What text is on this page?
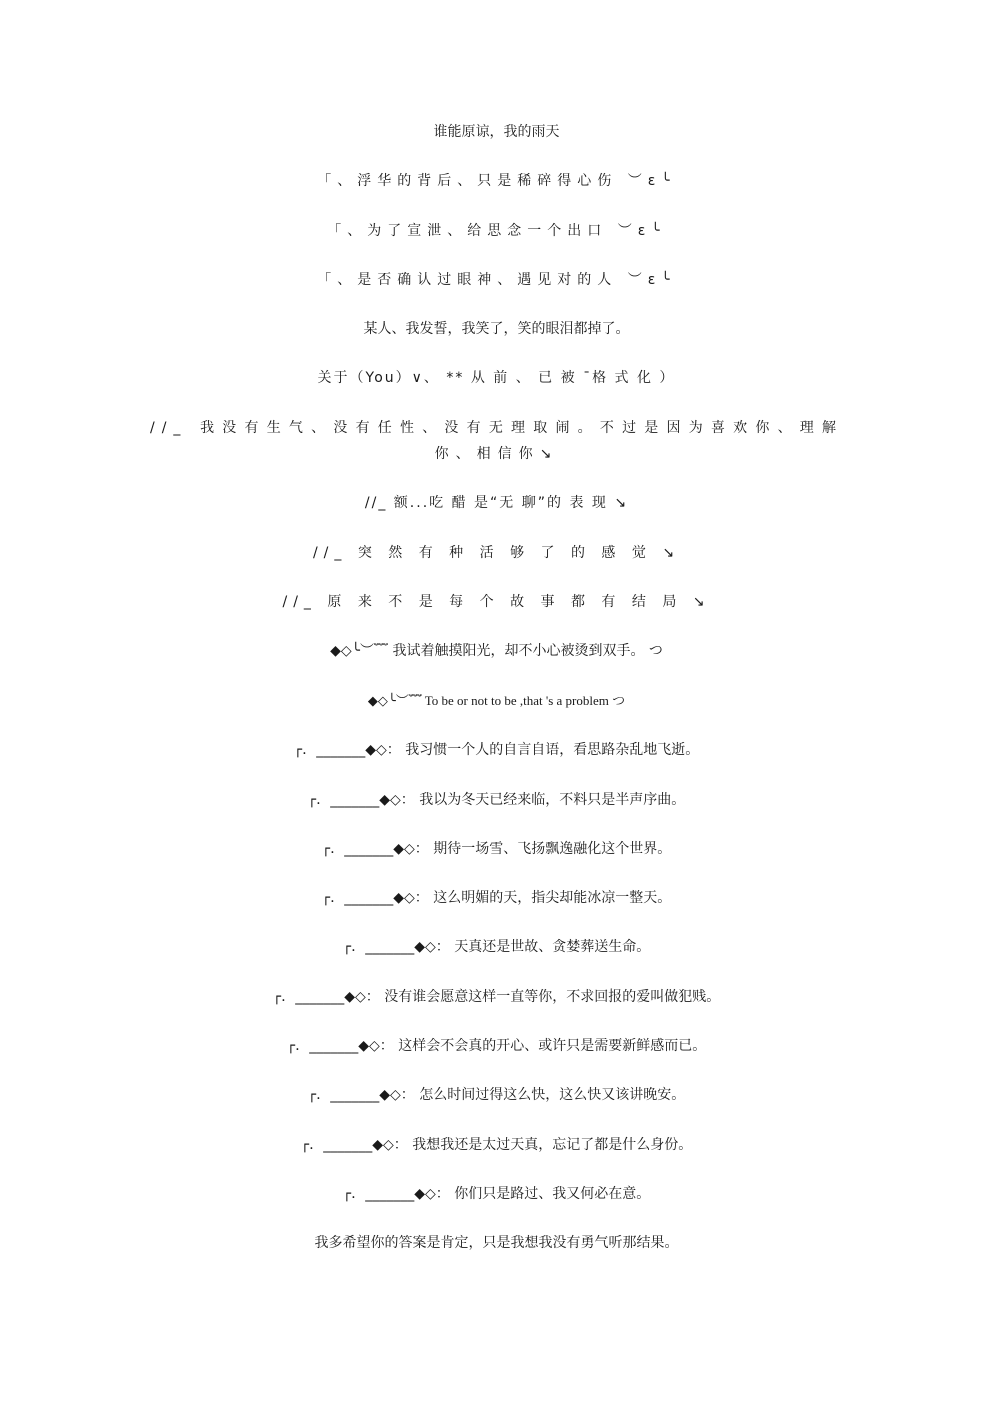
谁能原谅，我的雨天
「、浮华的背后、只是稀碎得心伤 ︶ε╰
「、为了宣泄、给思念一个出口 ︶ε╰
「、是否确认过眼神、遇见对的人 ︶ε╰
某人、我发誓，我笑了，笑的眼泪都掉了。
关于（You）∨、 ** 从 前 、 已 被 ¯格 式 化 ）
//_ 我没有生气、没有任性、没有无理取闹。不过是因为喜欢你、理解你、相信你↘
//_ 额...吃 醋 是“无 聊”的 表 现 ↘
//_ 突 然 有 种 活 够 了 的 感 觉 ↘
//_ 原 来 不 是 每 个 故 事 都 有 结 局 ↘
◆◇╰︶﹌ 我试着触摸阳光，却不小心被烫到双手。 つ
◆◇╰︶﹌ To be or not to be ,that 's a problem つ
┌．_______◆◇： 我习惯一个人的自言自语，看思路杂乱地飞逝。
┌．_______◆◇： 我以为冬天已经来临，不料只是半声序曲。
┌．_______◆◇： 期待一场雪、飞扬飘逸融化这个世界。
┌．_______◆◇： 这么明媚的天，指尖却能冰凉一整天。
┌．_______◆◇： 天真还是世故、贪婪葬送生命。
┌．_______◆◇： 没有谁会愿意这样一直等你，不求回报的爱叫做犯贱。
┌．_______◆◇： 这样会不会真的开心、或许只是需要新鲜感而已。
┌．_______◆◇： 怎么时间过得这么快，这么快又该讲晚安。
┌．_______◆◇： 我想我还是太过天真，忘记了都是什么身份。
┌．_______◆◇： 你们只是路过、我又何必在意。
我多希望你的答案是肯定，只是我想我没有勇气听那结果。
